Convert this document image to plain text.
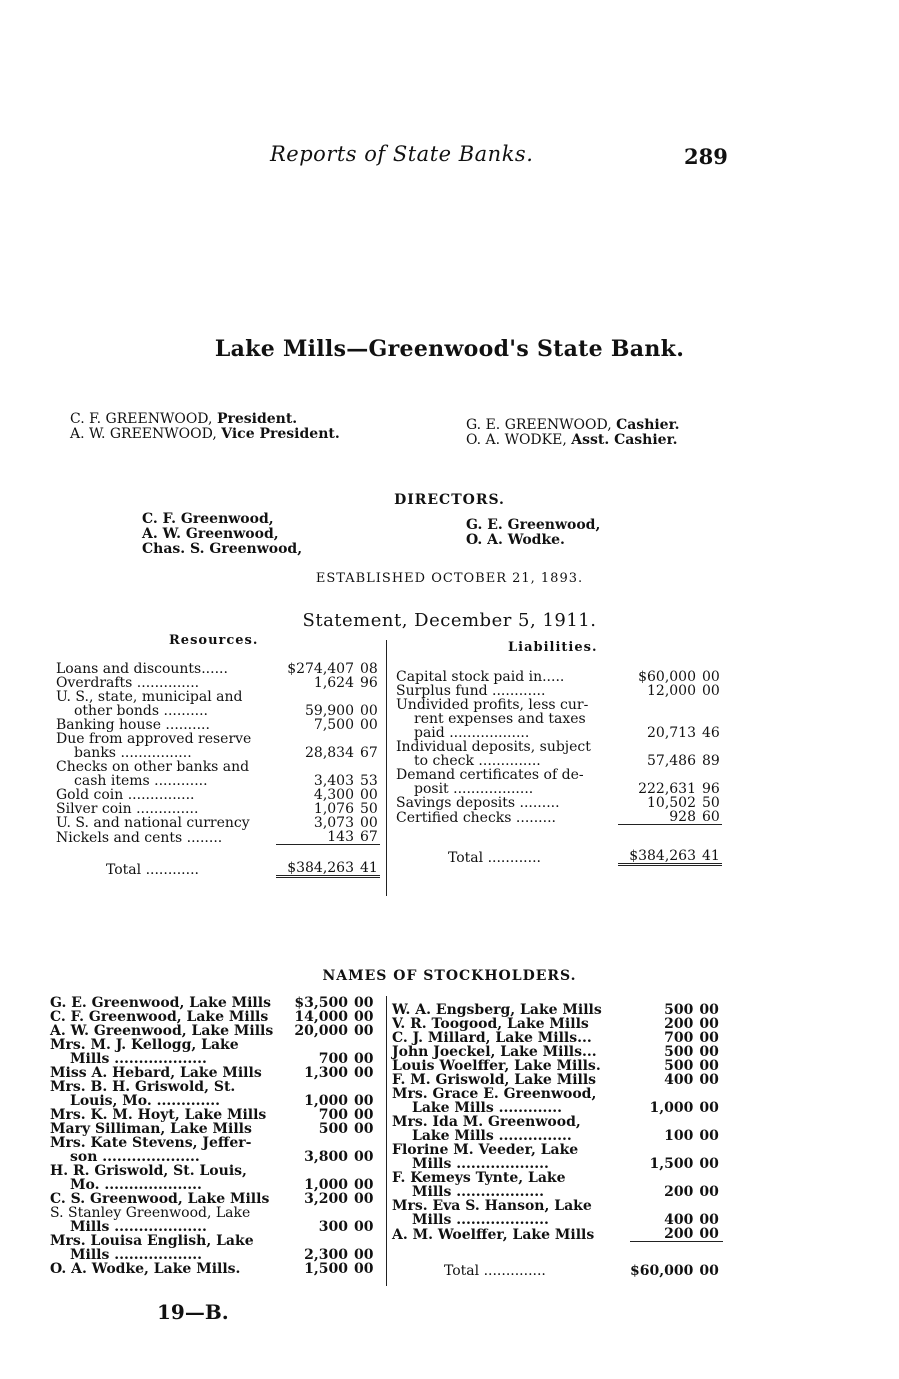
Reports of State Banks.	289
Lake Mills—Greenwood's State Bank.
C. F. GREENWOOD, President.
A. W. GREENWOOD, Vice President.
G. E. GREENWOOD, Cashier.
O. A. WODKE, Asst. Cashier.
DIRECTORS.
C. F. Greenwood,
A. W. Greenwood,
Chas. S. Greenwood,
G. E. Greenwood,
O. A. Wodke.
ESTABLISHED OCTOBER 21, 1893.
Statement, December 5, 1911.
Resources.	Liabilities.
Loans and discounts......	$274,407	08
Overdrafts ..............	1,624	96
U. S., state, municipal and		
other bonds ..........	59,900	00
Banking house ..........	7,500	00
Due from approved reserve		
banks ................	28,834	67
Checks on other banks and		
cash items ............	3,403	53
Gold coin ...............	4,300	00
Silver coin ..............	1,076	50
U. S. and national currency	3,073	00
Nickels and cents ........	143	67
Total ............	$384,263	41
Capital stock paid in.....	$60,000	00
Surplus fund ............	12,000	00
Undivided profits, less cur-		
rent expenses and taxes		
paid ..................	20,713	46
Individual deposits, subject		
to check ..............	57,486	89
Demand certificates of de-		
posit ..................	222,631	96
Savings deposits .........	10,502	50
Certified checks .........	928	60
Total ............	$384,263	41
NAMES OF STOCKHOLDERS.
G. E. Greenwood, Lake Mills	$3,500	00
C. F. Greenwood, Lake Mills	14,000	00
A. W. Greenwood, Lake Mills	20,000	00
Mrs. M. J. Kellogg, Lake		
Mills ...................	700	00
Miss A. Hebard, Lake Mills	1,300	00
Mrs. B. H. Griswold, St.		
Louis, Mo. .............	1,000	00
Mrs. K. M. Hoyt, Lake Mills	700	00
Mary Silliman, Lake Mills	500	00
Mrs. Kate Stevens, Jeffer-		
son ....................	3,800	00
H. R. Griswold, St. Louis,		
Mo. ....................	1,000	00
C. S. Greenwood, Lake Mills	3,200	00
S. Stanley Greenwood, Lake		
Mills ...................	300	00
Mrs. Louisa English, Lake		
Mills ..................	2,300	00
O. A. Wodke, Lake Mills.	1,500	00
W. A. Engsberg, Lake Mills	500	00
V. R. Toogood, Lake Mills	200	00
C. J. Millard, Lake Mills...	700	00
John Joeckel, Lake Mills...	500	00
Louis Woelffer, Lake Mills.	500	00
F. M. Griswold, Lake Mills	400	00
Mrs. Grace E. Greenwood,		
Lake Mills .............	1,000	00
Mrs. Ida M. Greenwood,		
Lake Mills ...............	100	00
Florine M. Veeder, Lake		
Mills ...................	1,500	00
F. Kemeys Tynte, Lake		
Mills ..................	200	00
Mrs. Eva S. Hanson, Lake		
Mills ...................	400	00
A. M. Woelffer, Lake Mills	200	00
Total ..............	$60,000	00
19—B.
